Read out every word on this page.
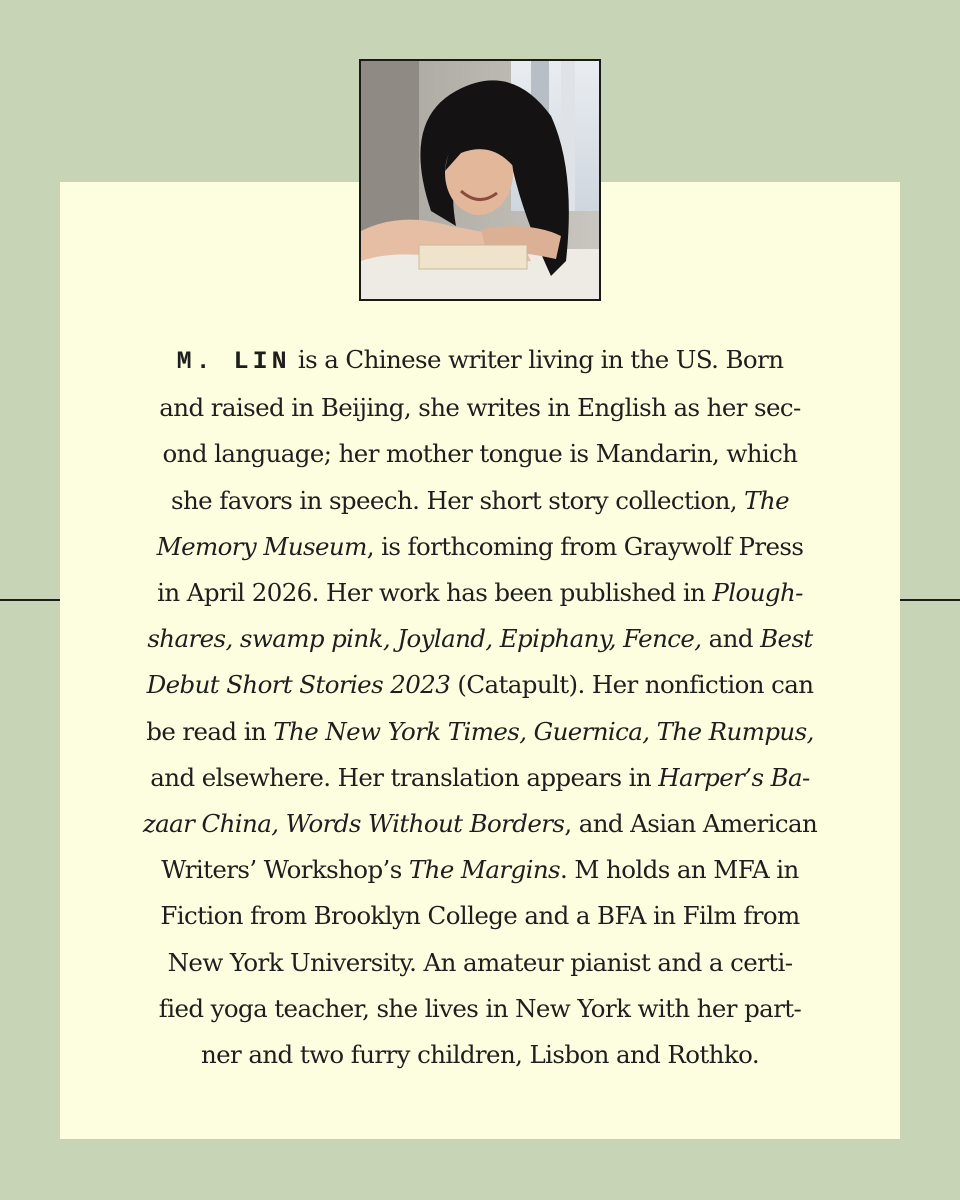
M. LIN is a Chinese writer living in the US. Born
and raised in Beijing, she writes in English as her sec-
ond language; her mother tongue is Mandarin, which
she favors in speech. Her short story collection, The
Memory Museum, is forthcoming from Graywolf Press
in April 2026. Her work has been published in Plough-
shares, swamp pink, Joyland, Epiphany, Fence, and Best
Debut Short Stories 2023 (Catapult). Her nonfiction can
be read in The New York Times, Guernica, The Rumpus,
and elsewhere. Her translation appears in Harper’s Ba-
zaar China, Words Without Borders, and Asian American
Writers’ Workshop’s The Margins. M holds an MFA in
Fiction from Brooklyn College and a BFA in Film from
New York University. An amateur pianist and a certi-
fied yoga teacher, she lives in New York with her part-
ner and two furry children, Lisbon and Rothko.
